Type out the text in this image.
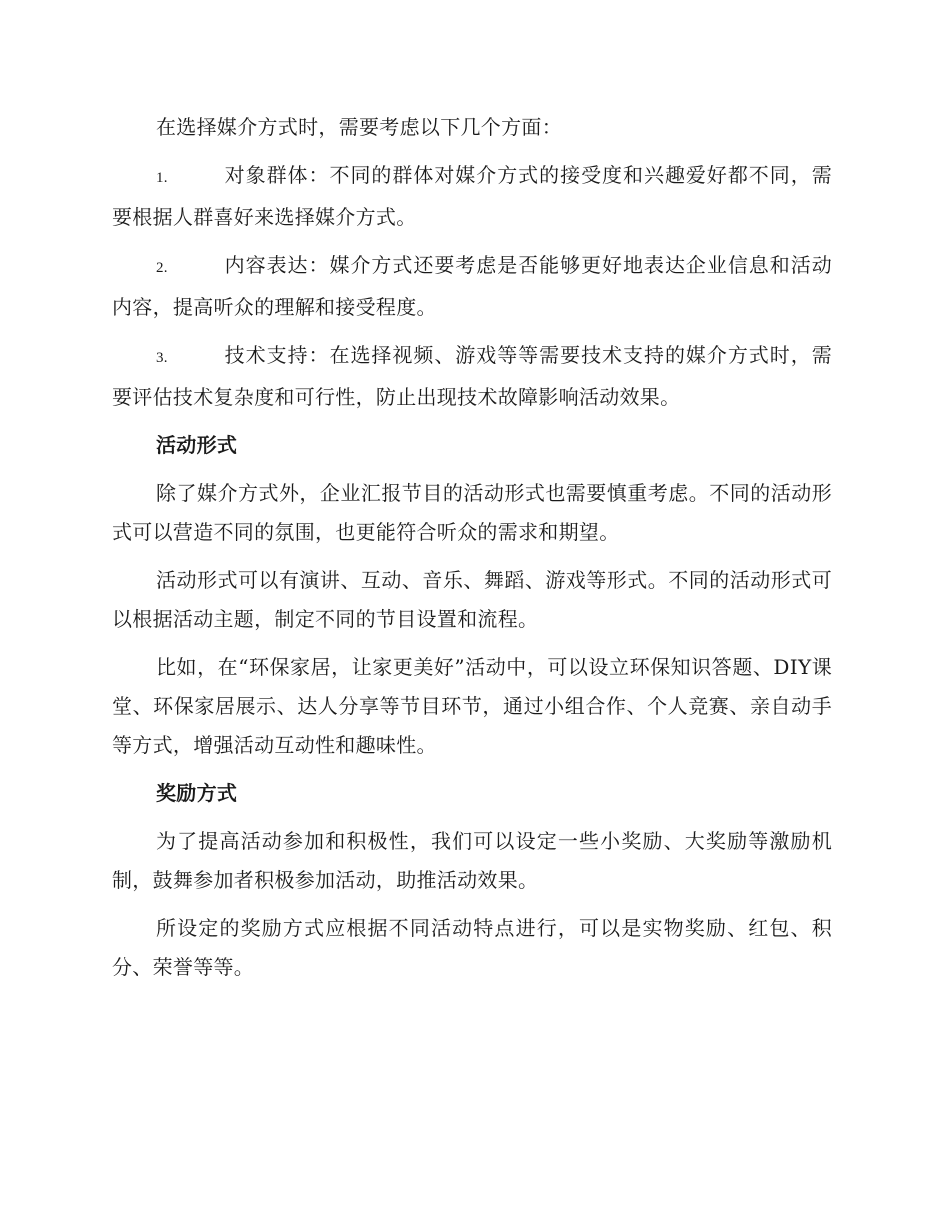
在选择媒介方式时，需要考虑以下几个方面：

1.	对象群体：不同的群体对媒介方式的接受度和兴趣爱好都不同，需要根据人群喜好来选择媒介方式。
2.	内容表达：媒介方式还要考虑是否能够更好地表达企业信息和活动内容，提高听众的理解和接受程度。
3.	技术支持：在选择视频、游戏等等需要技术支持的媒介方式时，需要评估技术复杂度和可行性，防止出现技术故障影响活动效果。
活动形式

除了媒介方式外，企业汇报节目的活动形式也需要慎重考虑。不同的活动形式可以营造不同的氛围，也更能符合听众的需求和期望。

活动形式可以有演讲、互动、音乐、舞蹈、游戏等形式。不同的活动形式可以根据活动主题，制定不同的节目设置和流程。

比如，在“环保家居，让家更美好”活动中，可以设立环保知识答题、DIY课堂、环保家居展示、达人分享等节目环节，通过小组合作、个人竞赛、亲自动手等方式，增强活动互动性和趣味性。

奖励方式

为了提高活动参加和积极性，我们可以设定一些小奖励、大奖励等激励机制，鼓舞参加者积极参加活动，助推活动效果。

所设定的奖励方式应根据不同活动特点进行，可以是实物奖励、红包、积分、荣誉等等。
